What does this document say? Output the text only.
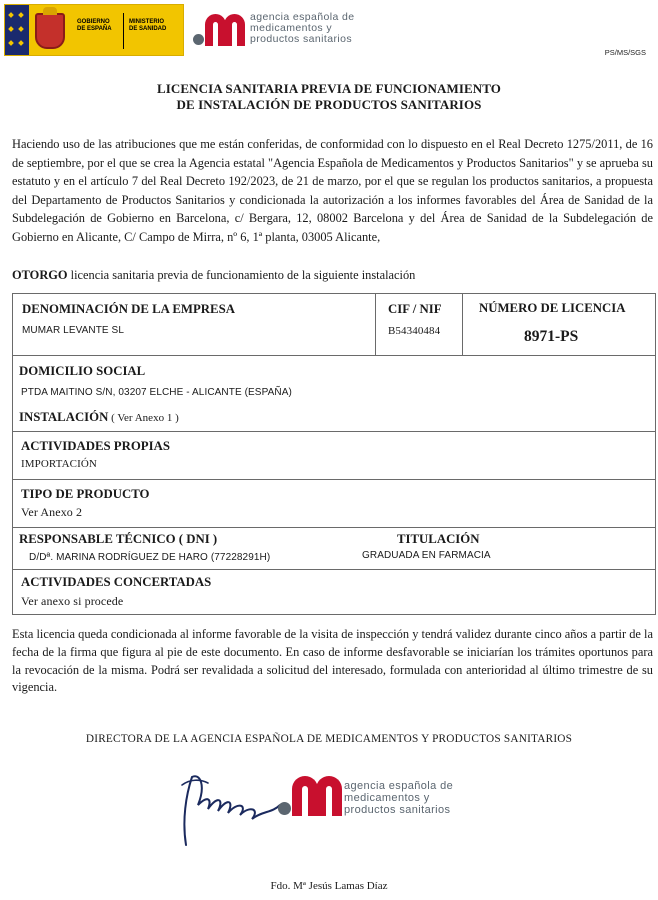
GOBIERNO
DE ESPAÑA
MINISTERIO
DE SANIDAD
agencia española de
medicamentos y
productos sanitarios
PS/MS/SGS
LICENCIA SANITARIA PREVIA DE FUNCIONAMIENTO
DE INSTALACIÓN DE PRODUCTOS SANITARIOS
Haciendo uso de las atribuciones que me están conferidas, de conformidad con lo dispuesto en el Real Decreto 1275/2011, de 16 de septiembre, por el que se crea la Agencia estatal "Agencia Española de Medicamentos y Productos Sanitarios" y se aprueba su estatuto y en el artículo 7 del Real Decreto 192/2023, de 21 de marzo, por el que se regulan los productos sanitarios, a propuesta del Departamento de Productos Sanitarios y condicionada la autorización a los informes favorables del Área de Sanidad de la Subdelegación de Gobierno en Barcelona, c/ Bergara, 12, 08002 Barcelona y del Área de Sanidad de la Subdelegación de Gobierno en Alicante, C/ Campo de Mirra, nº 6, 1ª planta, 03005 Alicante,
OTORGO licencia sanitaria previa de funcionamiento de la siguiente instalación
DENOMINACIÓN DE LA EMPRESA
MUMAR LEVANTE SL
CIF / NIF
B54340484
NÚMERO DE LICENCIA
8971-PS
DOMICILIO SOCIAL
PTDA MAITINO S/N, 03207 ELCHE - ALICANTE (ESPAÑA)
INSTALACIÓN ( Ver Anexo 1 )
ACTIVIDADES PROPIAS
IMPORTACIÓN
TIPO DE PRODUCTO
Ver Anexo 2
RESPONSABLE TÉCNICO ( DNI )
D/Dª. MARINA RODRÍGUEZ DE HARO (77228291H)
TITULACIÓN
GRADUADA EN FARMACIA
ACTIVIDADES CONCERTADAS
Ver anexo si procede
Esta licencia queda condicionada al informe favorable de la visita de inspección y tendrá validez durante cinco años a partir de la fecha de la firma que figura al pie de este documento. En caso de informe desfavorable se iniciarían los trámites oportunos para la revocación de la misma. Podrá ser revalidada a solicitud del interesado, formulada con anterioridad al último trimestre de su vigencia.
DIRECTORA DE LA AGENCIA ESPAÑOLA DE MEDICAMENTOS Y PRODUCTOS SANITARIOS
agencia española de
medicamentos y
productos sanitarios
Fdo. Mª Jesús Lamas Díaz
